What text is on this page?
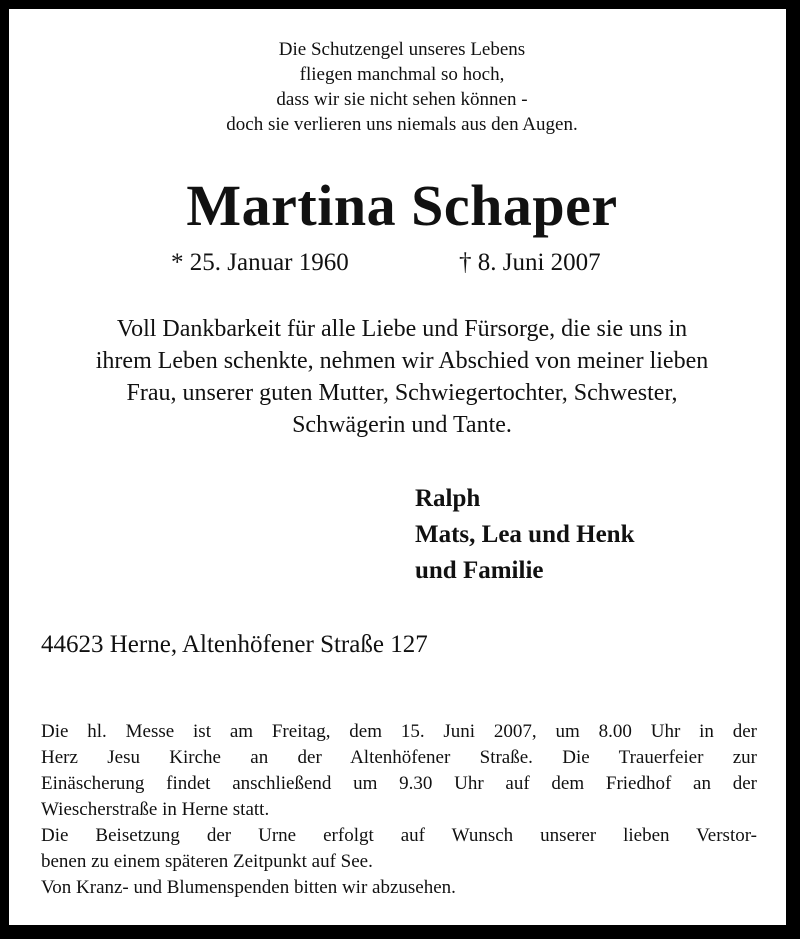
Die Schutzengel unseres Lebens
fliegen manchmal so hoch,
dass wir sie nicht sehen können -
doch sie verlieren uns niemals aus den Augen.
Martina Schaper
* 25. Januar 1960	† 8. Juni 2007
Voll Dankbarkeit für alle Liebe und Fürsorge, die sie uns in
ihrem Leben schenkte, nehmen wir Abschied von meiner lieben
Frau, unserer guten Mutter, Schwiegertochter, Schwester,
Schwägerin und Tante.
Ralph
Mats, Lea und Henk
und Familie
44623 Herne, Altenhöfener Straße 127
Die hl. Messe ist am Freitag, dem 15. Juni 2007, um 8.00 Uhr in der
Herz Jesu Kirche an der Altenhöfener Straße. Die Trauerfeier zur
Einäscherung findet anschließend um 9.30 Uhr auf dem Friedhof an der
Wiescherstraße in Herne statt.
Die Beisetzung der Urne erfolgt auf Wunsch unserer lieben Verstor-
benen zu einem späteren Zeitpunkt auf See.
Von Kranz- und Blumenspenden bitten wir abzusehen.
